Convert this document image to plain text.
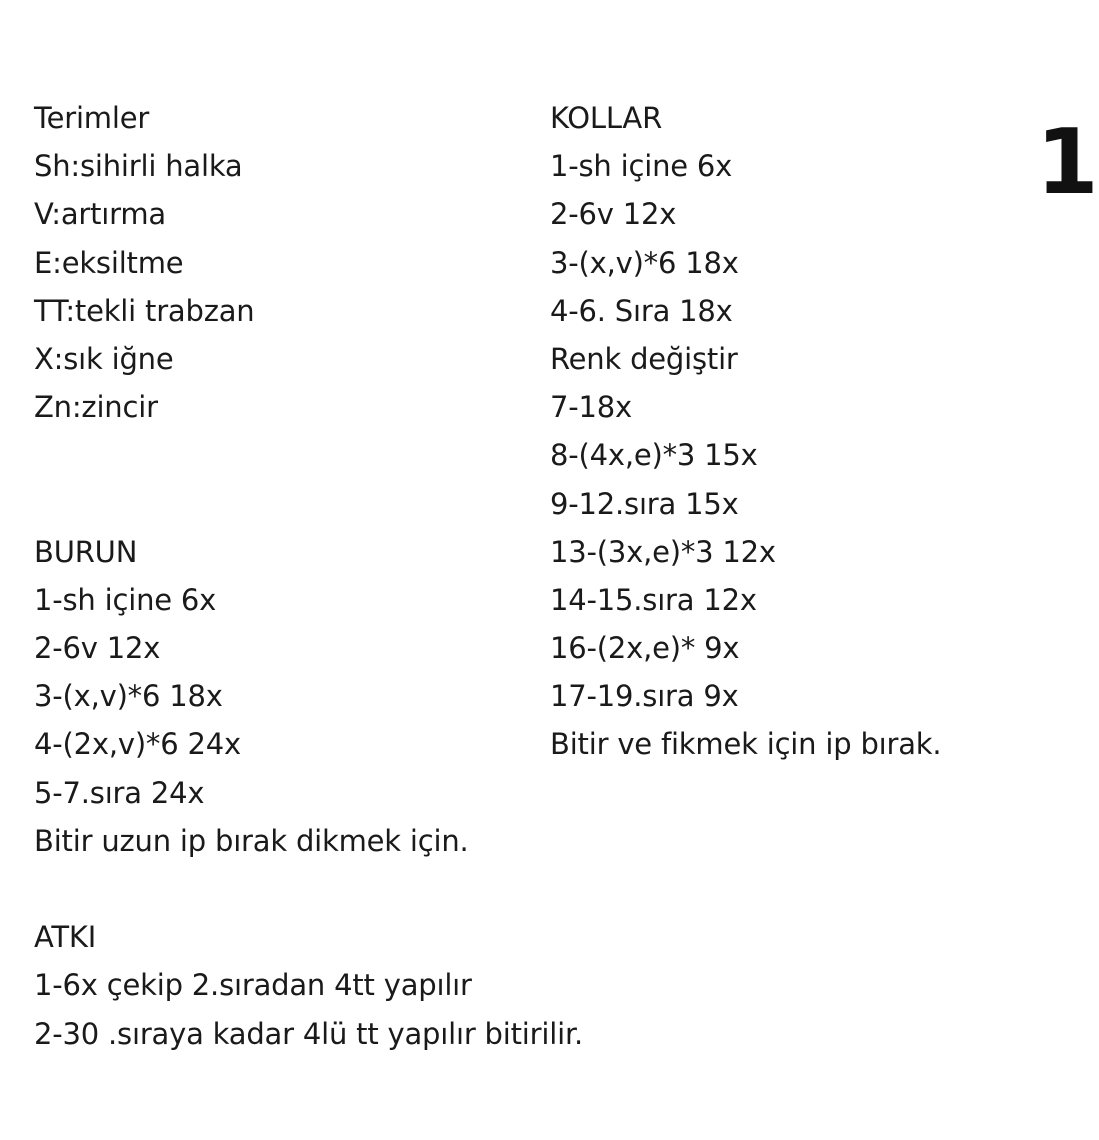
Terimler
Sh:sihirli halka
V:artırma
E:eksiltme
TT:tekli trabzan
X:sık iğne
Zn:zincir
BURUN
1-sh içine 6x
2-6v 12x
3-(x,v)*6 18x
4-(2x,v)*6 24x
5-7.sıra 24x
Bitir uzun ip bırak dikmek için.
ATKI
1-6x çekip 2.sıradan 4tt yapılır
2-30 .sıraya kadar 4lü tt yapılır bitirilir.
KOLLAR
1-sh içine 6x
2-6v 12x
3-(x,v)*6 18x
4-6. Sıra 18x
Renk değiştir
7-18x
8-(4x,e)*3 15x
9-12.sıra 15x
13-(3x,e)*3 12x
14-15.sıra 12x
16-(2x,e)* 9x
17-19.sıra 9x
Bitir ve fikmek için ip bırak.
1
